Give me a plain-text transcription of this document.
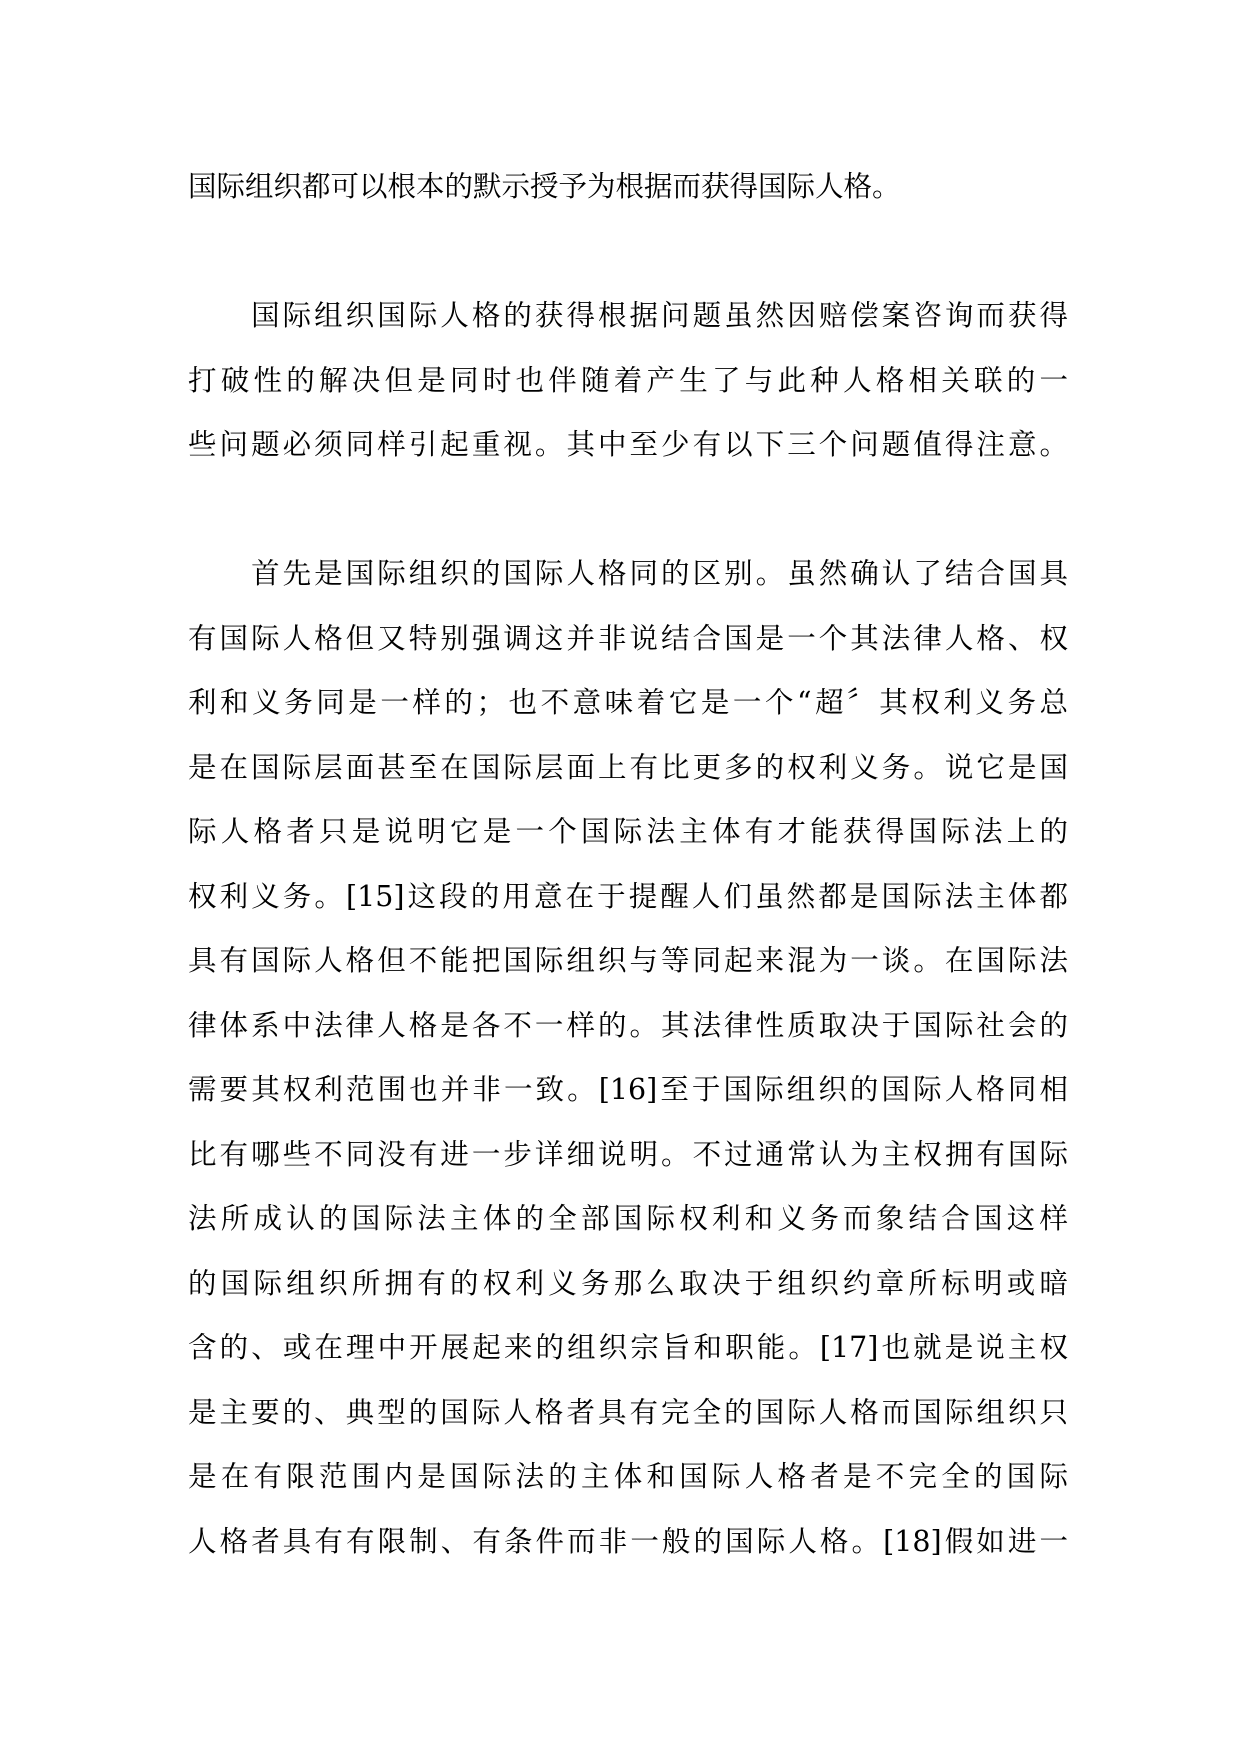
国际组织都可以根本的默示授予为根据而获得国际人格。

　　国际组织国际人格的获得根据问题虽然因赔偿案咨询而获得
打破性的解决但是同时也伴随着产生了与此种人格相关联的一
些问题必须同样引起重视。其中至少有以下三个问题值得注意。

　　首先是国际组织的国际人格同的区别。虽然确认了结合国具
有国际人格但又特别强调这并非说结合国是一个其法律人格、权
利和义务同是一样的；也不意味着它是一个“超〞其权利义务总
是在国际层面甚至在国际层面上有比更多的权利义务。说它是国
际人格者只是说明它是一个国际法主体有才能获得国际法上的
权利义务。[15]这段的用意在于提醒人们虽然都是国际法主体都
具有国际人格但不能把国际组织与等同起来混为一谈。在国际法
律体系中法律人格是各不一样的。其法律性质取决于国际社会的
需要其权利范围也并非一致。[16]至于国际组织的国际人格同相
比有哪些不同没有进一步详细说明。不过通常认为主权拥有国际
法所成认的国际法主体的全部国际权利和义务而象结合国这样
的国际组织所拥有的权利义务那么取决于组织约章所标明或暗
含的、或在理中开展起来的组织宗旨和职能。[17]也就是说主权
是主要的、典型的国际人格者具有完全的国际人格而国际组织只
是在有限范围内是国际法的主体和国际人格者是不完全的国际
人格者具有有限制、有条件而非一般的国际人格。[18]假如进一
